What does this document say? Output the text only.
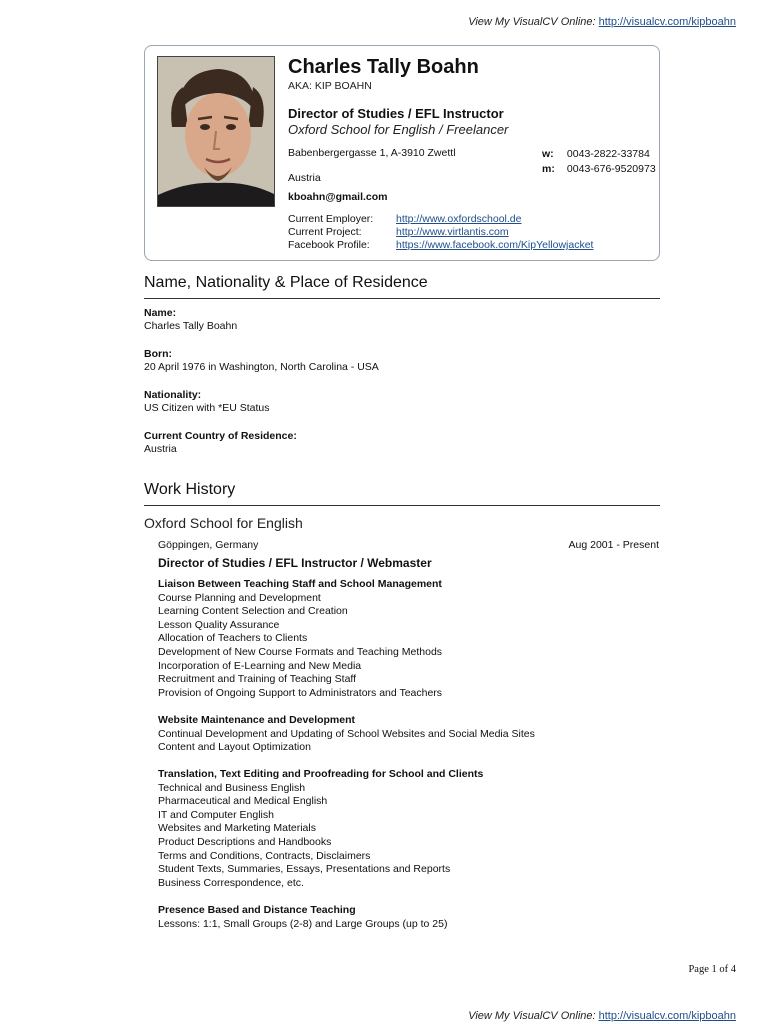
View My VisualCV Online: http://visualcv.com/kipboahn
Charles Tally Boahn
AKA: KIP BOAHN
Director of Studies / EFL Instructor
Oxford School for English / Freelancer
Babenbergergasse 1, A-3910 Zwettl
Austria
kboahn@gmail.com
w: 0043-2822-33784
m: 0043-676-9520973
Current Employer:	http://www.oxfordschool.de
Current Project:	http://www.virtlantis.com
Facebook Profile:	https://www.facebook.com/KipYellowjacket
Name, Nationality & Place of Residence
Name:
Charles Tally Boahn
Born:
20 April 1976 in Washington, North Carolina - USA
Nationality:
US Citizen with *EU Status
Current Country of Residence:
Austria
Work History
Oxford School for English
Göppingen, Germany	Aug 2001 - Present
Director of Studies / EFL Instructor / Webmaster
Liaison Between Teaching Staff and School Management
Course Planning and Development
Learning Content Selection and Creation
Lesson Quality Assurance
Allocation of Teachers to Clients
Development of New Course Formats and Teaching Methods
Incorporation of E-Learning and New Media
Recruitment and Training of Teaching Staff
Provision of Ongoing Support to Administrators and Teachers
Website Maintenance and Development
Continual Development and Updating of School Websites and Social Media Sites
Content and Layout Optimization
Translation, Text Editing and Proofreading for School and Clients
Technical and Business English
Pharmaceutical and Medical English
IT and Computer English
Websites and Marketing Materials
Product Descriptions and Handbooks
Terms and Conditions, Contracts, Disclaimers
Student Texts, Summaries, Essays, Presentations and Reports
Business Correspondence, etc.
Presence Based and Distance Teaching
Lessons: 1:1, Small Groups (2-8) and Large Groups (up to 25)
Page 1 of 4
View My VisualCV Online: http://visualcv.com/kipboahn
